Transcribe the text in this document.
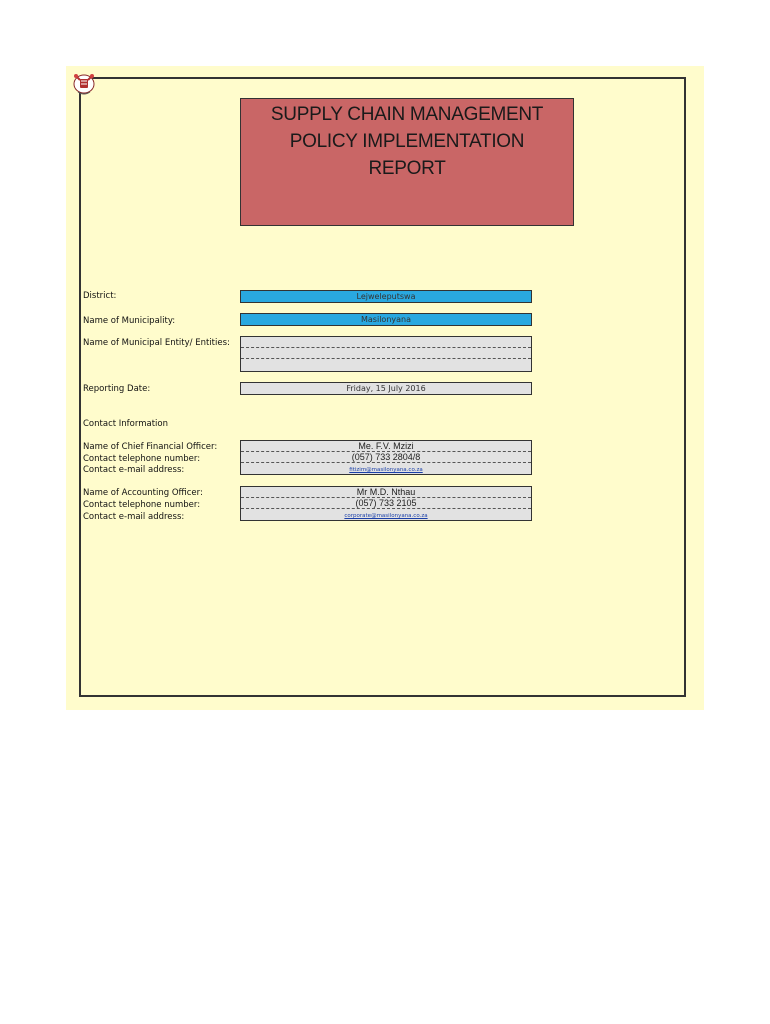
SUPPLY CHAIN MANAGEMENT
POLICY IMPLEMENTATION
REPORT
District:
Name of Municipality:
Name of Municipal Entity/ Entities:
Reporting Date:
Contact Information
Name of Chief Financial Officer:
Contact telephone number:
Contact e-mail address:
Name of Accounting Officer:
Contact telephone number:
Contact e-mail address:
Lejweleputswa
Masilonyana
Friday, 15 July 2016
Me. F.V. Mzizi
(057) 733 2804/8
fitizim@masilonyana.co.za
Mr M.D. Nthau
(057) 733 2105
corporate@masilonyana.co.za
